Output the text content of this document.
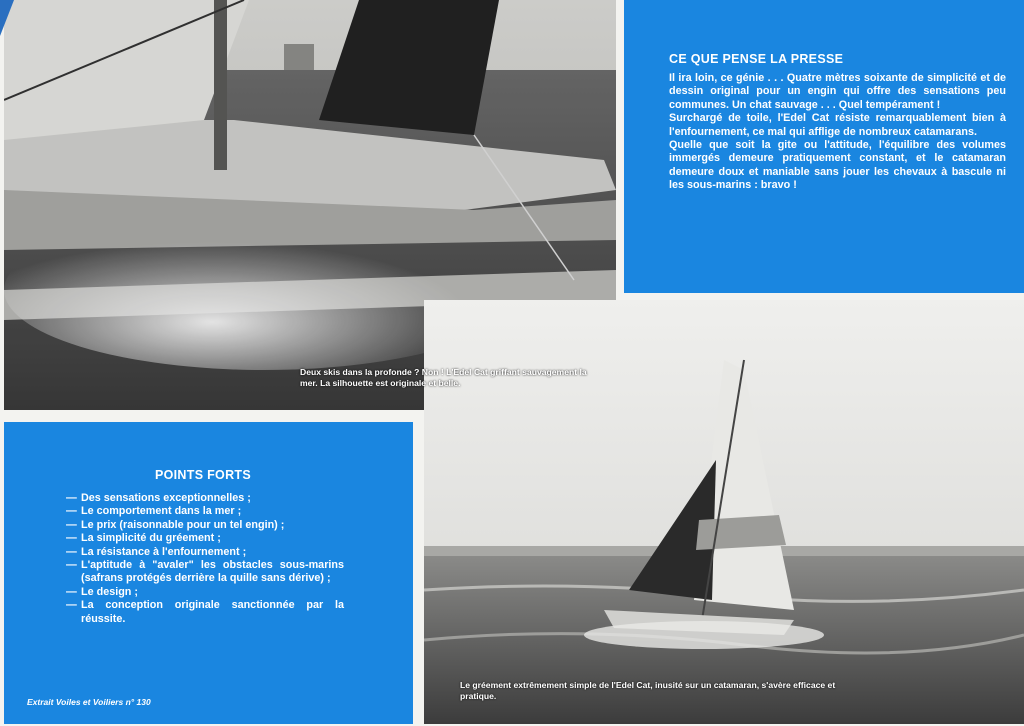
CE QUE PENSE LA PRESSE

Il ira loin, ce génie . . . Quatre mètres soixante de simplicité et de dessin original pour un engin qui offre des sensations peu communes. Un chat sauvage . . . Quel tempérament !

Surchargé de toile, l'Edel Cat résiste remarquablement bien à l'enfournement, ce mal qui afflige de nombreux catamarans.

Quelle que soit la gite ou l'attitude, l'équilibre des volumes immergés demeure pratiquement constant, et le catamaran demeure doux et maniable sans jouer les chevaux à bascule ni les sous-marins : bravo !

POINTS FORTS
— Des sensations exceptionnelles ;
— Le comportement dans la mer ;
— Le prix (raisonnable pour un tel engin) ;
— La simplicité du gréement ;
— La résistance à l'enfournement ;
— L'aptitude à "avaler" les obstacles sous-marins (safrans protégés derrière la quille sans dérive) ;
— Le design ;
— La conception originale sanctionnée par la réussite.
Extrait Voiles et Voiliers n° 130
Deux skis dans la profonde ? Non ! L'Edel Cat griffant sauvagement la mer. La silhouette est originale et belle.
Le gréement extrêmement simple de l'Edel Cat, inusité sur un catamaran, s'avère efficace et pratique.
